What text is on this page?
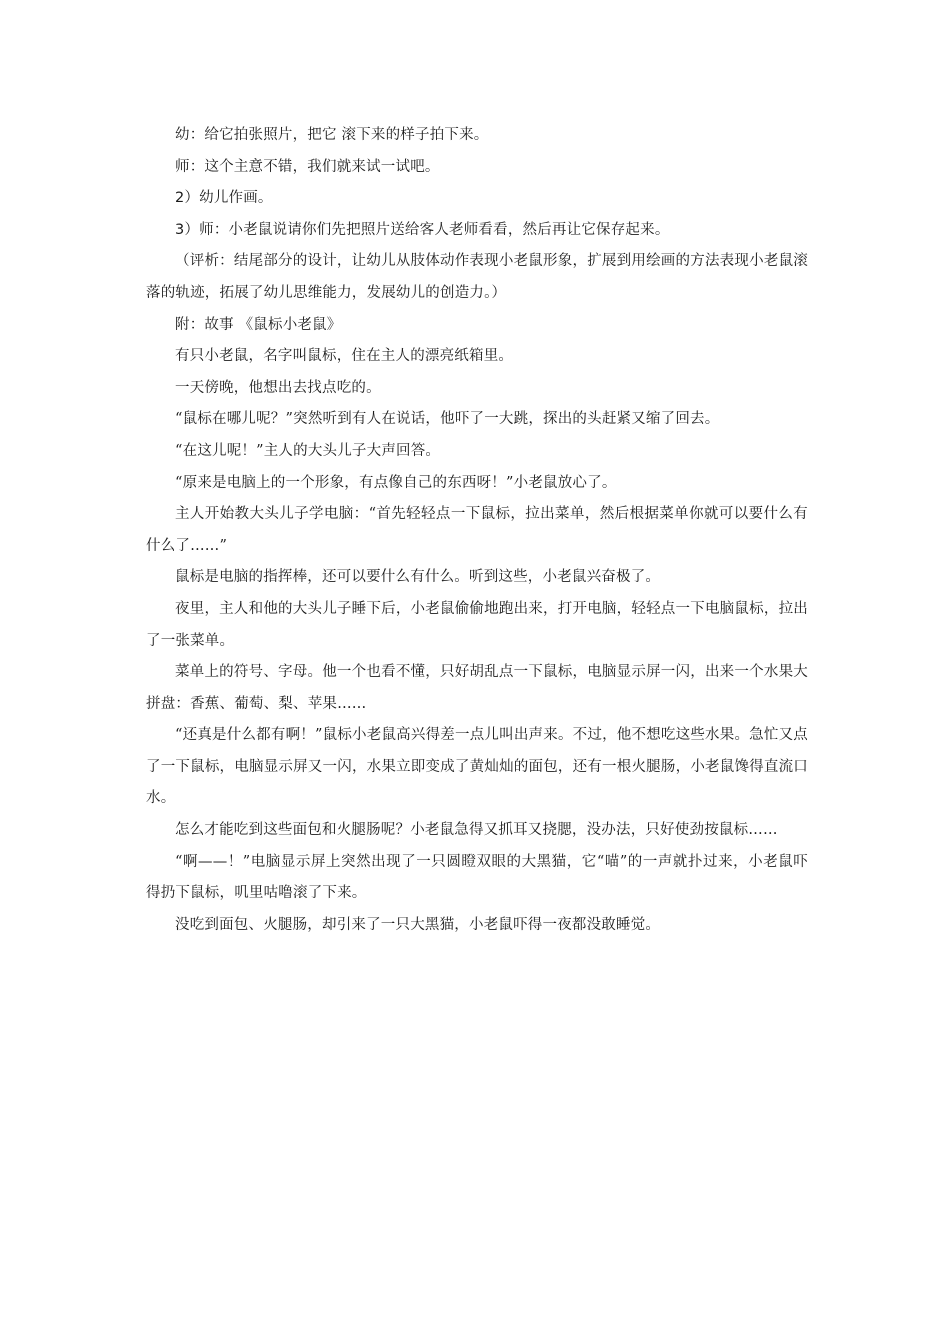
幼：给它拍张照片，把它 滚下来的样子拍下来。

师：这个主意不错，我们就来试一试吧。

2）幼儿作画。

3）师：小老鼠说请你们先把照片送给客人老师看看，然后再让它保存起来。

（评析：结尾部分的设计，让幼儿从肢体动作表现小老鼠形象，扩展到用绘画的方法表现小老鼠滚落的轨迹，拓展了幼儿思维能力，发展幼儿的创造力。）

附：故事 《鼠标小老鼠》

有只小老鼠，名字叫鼠标，住在主人的漂亮纸箱里。

一天傍晚，他想出去找点吃的。

“鼠标在哪儿呢？”突然听到有人在说话，他吓了一大跳，探出的头赶紧又缩了回去。

“在这儿呢！”主人的大头儿子大声回答。

“原来是电脑上的一个形象，有点像自己的东西呀！”小老鼠放心了。

主人开始教大头儿子学电脑：“首先轻轻点一下鼠标，拉出菜单，然后根据菜单你就可以要什么有什么了……”

鼠标是电脑的指挥棒，还可以要什么有什么。听到这些，小老鼠兴奋极了。

夜里，主人和他的大头儿子睡下后，小老鼠偷偷地跑出来，打开电脑，轻轻点一下电脑鼠标，拉出了一张菜单。

菜单上的符号、字母。他一个也看不懂，只好胡乱点一下鼠标，电脑显示屏一闪，出来一个水果大拼盘：香蕉、葡萄、梨、苹果……

“还真是什么都有啊！”鼠标小老鼠高兴得差一点儿叫出声来。不过，他不想吃这些水果。急忙又点了一下鼠标，电脑显示屏又一闪，水果立即变成了黄灿灿的面包，还有一根火腿肠，小老鼠馋得直流口水。

怎么才能吃到这些面包和火腿肠呢？小老鼠急得又抓耳又挠腮，没办法，只好使劲按鼠标……

“啊——！”电脑显示屏上突然出现了一只圆瞪双眼的大黑猫，它“喵”的一声就扑过来，小老鼠吓得扔下鼠标，叽里咕噜滚了下来。

没吃到面包、火腿肠，却引来了一只大黑猫，小老鼠吓得一夜都没敢睡觉。
